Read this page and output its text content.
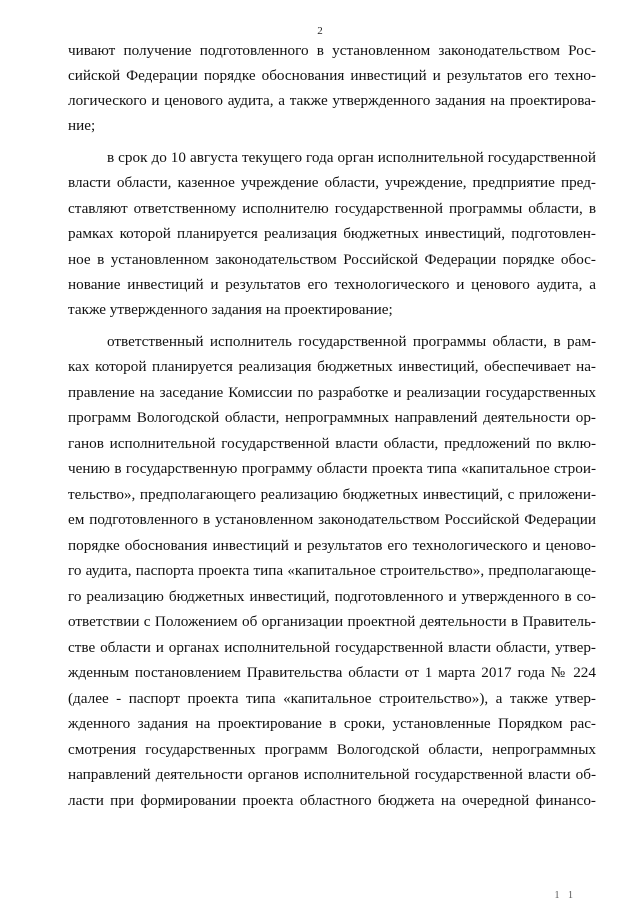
2
чивают получение подготовленного в установленном законодательством Рос-
сийской Федерации порядке обоснования инвестиций и результатов его техно-
логического и ценового аудита, а также утвержденного задания на проектирова-
ние;
в срок до 10 августа текущего года орган исполнительной государственной
власти области, казенное учреждение области, учреждение, предприятие пред-
ставляют ответственному исполнителю государственной программы области, в
рамках которой планируется реализация бюджетных инвестиций, подготовлен-
ное в установленном законодательством Российской Федерации порядке обос-
нование инвестиций и результатов его технологического и ценового аудита, а
также утвержденного задания на проектирование;
ответственный исполнитель государственной программы области, в рам-
ках которой планируется реализация бюджетных инвестиций, обеспечивает на-
правление на заседание Комиссии по разработке и реализации государственных
программ Вологодской области, непрограммных направлений деятельности ор-
ганов исполнительной государственной власти области, предложений по вклю-
чению в государственную программу области проекта типа «капитальное строи-
тельство», предполагающего реализацию бюджетных инвестиций, с приложени-
ем подготовленного в установленном законодательством Российской Федерации
порядке обоснования инвестиций и результатов его технологического и ценово-
го аудита, паспорта проекта типа «капитальное строительство», предполагающе-
го реализацию бюджетных инвестиций, подготовленного и утвержденного в со-
ответствии с Положением об организации проектной деятельности в Правитель-
стве области и органах исполнительной государственной власти области, утвер-
жденным постановлением Правительства области от 1 марта 2017 года № 224
(далее - паспорт проекта типа «капитальное строительство»), а также утвер-
жденного задания на проектирование в сроки, установленные Порядком рас-
смотрения государственных программ Вологодской области, непрограммных
направлений деятельности органов исполнительной государственной власти об-
ласти при формировании проекта областного бюджета на очередной финансо-
1 1
